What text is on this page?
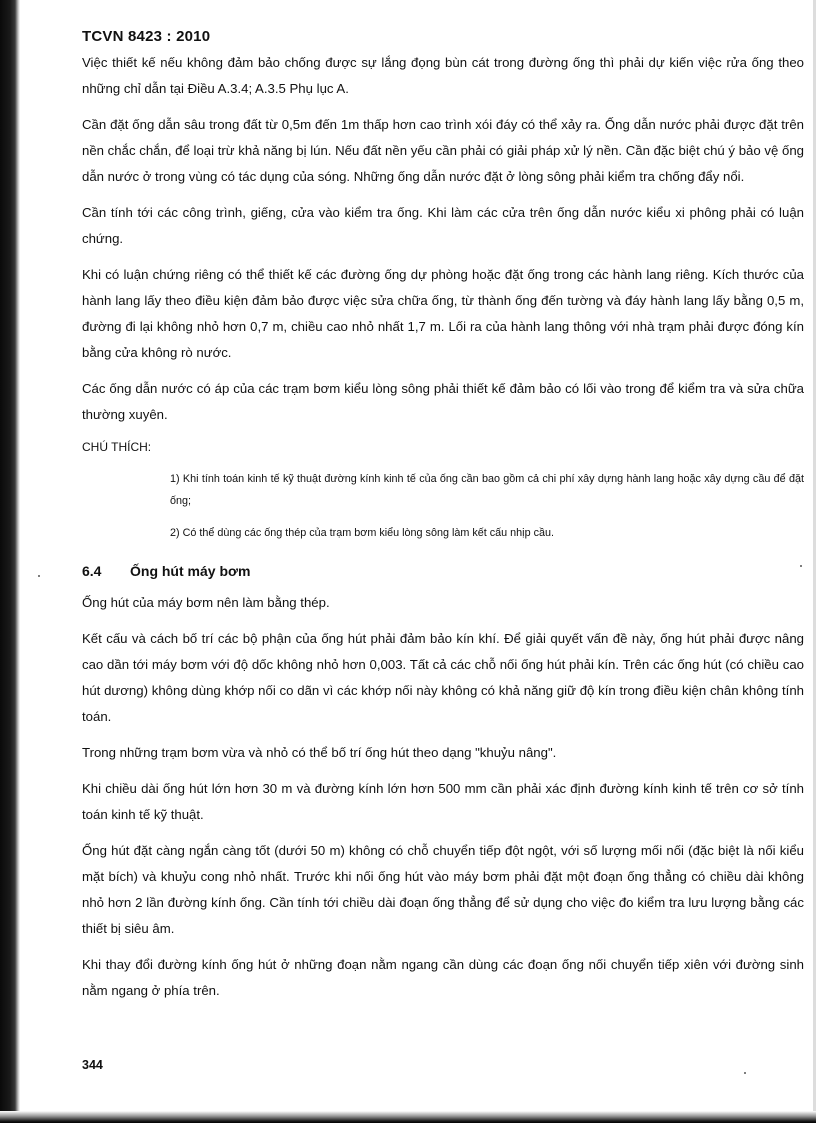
TCVN 8423 : 2010

Việc thiết kế nếu không đảm bảo chống được sự lắng đọng bùn cát trong đường ống thì phải dự kiến việc rửa ống theo những chỉ dẫn tại Điều A.3.4; A.3.5 Phụ lục A.

Cần đặt ống dẫn sâu trong đất từ 0,5m đến 1m thấp hơn cao trình xói đáy có thể xảy ra. Ống dẫn nước phải được đặt trên nền chắc chắn, để loại trừ khả năng bị lún. Nếu đất nền yếu cần phải có giải pháp xử lý nền. Cần đặc biệt chú ý bảo vệ ống dẫn nước ở trong vùng có tác dụng của sóng. Những ống dẫn nước đặt ở lòng sông phải kiểm tra chống đẩy nổi.

Cần tính tới các công trình, giếng, cửa vào kiểm tra ống. Khi làm các cửa trên ống dẫn nước kiểu xi phông phải có luận chứng.

Khi có luận chứng riêng có thể thiết kế các đường ống dự phòng hoặc đặt ống trong các hành lang riêng. Kích thước của hành lang lấy theo điều kiện đảm bảo được việc sửa chữa ống, từ thành ống đến tường và đáy hành lang lấy bằng 0,5 m, đường đi lại không nhỏ hơn 0,7 m, chiều cao nhỏ nhất 1,7 m. Lối ra của hành lang thông với nhà trạm phải được đóng kín bằng cửa không rò nước.

Các ống dẫn nước có áp của các trạm bơm kiểu lòng sông phải thiết kế đảm bảo có lối vào trong để kiểm tra và sửa chữa thường xuyên.

CHÚ THÍCH:
1) Khi tính toán kinh tế kỹ thuật đường kính kinh tế của ống cần bao gồm cả chi phí xây dựng hành lang hoặc xây dựng cầu để đặt ống;
2) Có thể dùng các ống thép của trạm bơm kiểu lòng sông làm kết cấu nhịp cầu.
6.4	Ống hút máy bơm

Ống hút của máy bơm nên làm bằng thép.

Kết cấu và cách bố trí các bộ phận của ống hút phải đảm bảo kín khí. Để giải quyết vấn đề này, ống hút phải được nâng cao dần tới máy bơm với độ dốc không nhỏ hơn 0,003. Tất cả các chỗ nối ống hút phải kín. Trên các ống hút (có chiều cao hút dương) không dùng khớp nối co dãn vì các khớp nối này không có khả năng giữ độ kín trong điều kiện chân không tính toán.

Trong những trạm bơm vừa và nhỏ có thể bố trí ống hút theo dạng "khuỷu nâng".

Khi chiều dài ống hút lớn hơn 30 m và đường kính lớn hơn 500 mm cần phải xác định đường kính kinh tế trên cơ sở tính toán kinh tế kỹ thuật.

Ống hút đặt càng ngắn càng tốt (dưới 50 m) không có chỗ chuyển tiếp đột ngột, với số lượng mối nối (đặc biệt là nối kiểu mặt bích) và khuỷu cong nhỏ nhất. Trước khi nối ống hút vào máy bơm phải đặt một đoạn ống thẳng có chiều dài không nhỏ hơn 2 lần đường kính ống. Cần tính tới chiều dài đoạn ống thẳng để sử dụng cho việc đo kiểm tra lưu lượng bằng các thiết bị siêu âm.

Khi thay đổi đường kính ống hút ở những đoạn nằm ngang cần dùng các đoạn ống nối chuyển tiếp xiên với đường sinh nằm ngang ở phía trên.

344
